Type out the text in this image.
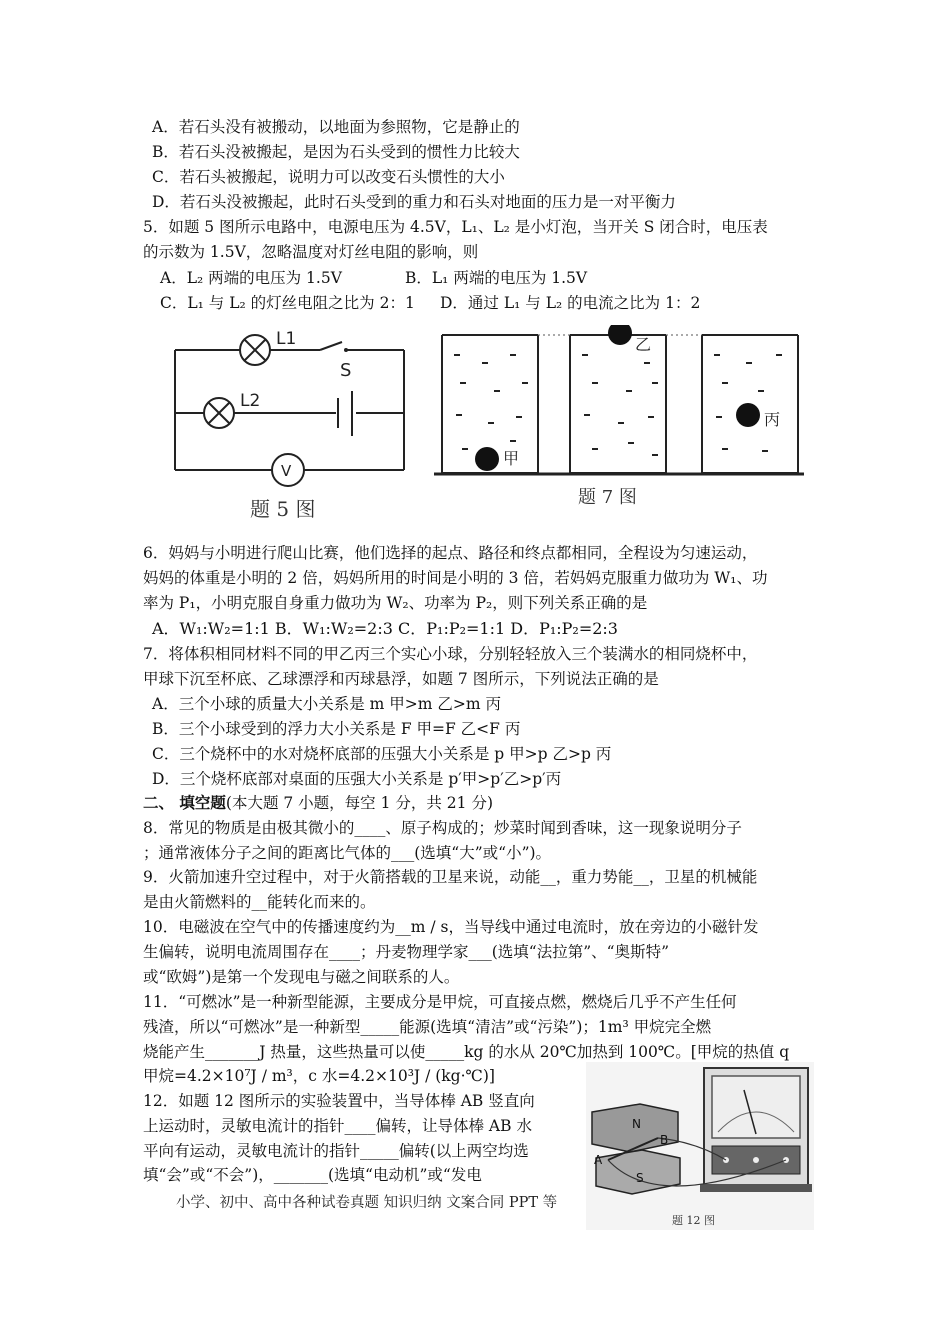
A．若石头没有被搬动，以地面为参照物，它是静止的
B．若石头没被搬起，是因为石头受到的惯性力比较大
C．若石头被搬起，说明力可以改变石头惯性的大小
D．若石头没被搬起，此时石头受到的重力和石头对地面的压力是一对平衡力
5．如题 5 图所示电路中，电源电压为 4.5V，L₁、L₂ 是小灯泡，当开关 S 闭合时，电压表
的示数为 1.5V，忽略温度对灯丝电阻的影响，则
A．L₂ 两端的电压为 1.5V	B．L₁ 两端的电压为 1.5V
C．L₁ 与 L₂ 的灯丝电阻之比为 2：1 D．通过 L₁ 与 L₂ 的电流之比为 1：2
L1
L2
S
V
题 5 图
甲
乙
丙
题 7 图
6．妈妈与小明进行爬山比赛，他们选择的起点、路径和终点都相同，全程设为匀速运动，
妈妈的体重是小明的 2 倍，妈妈所用的时间是小明的 3 倍，若妈妈克服重力做功为 W₁、功
率为 P₁，小明克服自身重力做功为 W₂、功率为 P₂，则下列关系正确的是
A．W₁:W₂=1:1 B．W₁:W₂=2:3 C．P₁:P₂=1:1 D．P₁:P₂=2:3
7．将体积相同材料不同的甲乙丙三个实心小球，分别轻轻放入三个装满水的相同烧杯中，
甲球下沉至杯底、乙球漂浮和丙球悬浮，如题 7 图所示，下列说法正确的是
A．三个小球的质量大小关系是 m 甲>m 乙>m 丙
B．三个小球受到的浮力大小关系是 F 甲=F 乙<F 丙
C．三个烧杯中的水对烧杯底部的压强大小关系是 p 甲>p 乙>p 丙
D．三个烧杯底部对桌面的压强大小关系是 p′甲>p′乙>p′丙
二、 填空题(本大题 7 小题，每空 1 分，共 21 分)
8．常见的物质是由极其微小的____、原子构成的；炒菜时闻到香味，这一现象说明分子
；通常液体分子之间的距离比气体的___(选填“大”或“小”)。
9．火箭加速升空过程中，对于火箭搭载的卫星来说，动能__，重力势能__，卫星的机械能
是由火箭燃料的__能转化而来的。
10．电磁波在空气中的传播速度约为__m / s，当导线中通过电流时，放在旁边的小磁针发
生偏转，说明电流周围存在____；丹麦物理学家___(选填“法拉第”、“奥斯特”
或“欧姆”)是第一个发现电与磁之间联系的人。
11．“可燃冰”是一种新型能源，主要成分是甲烷，可直接点燃，燃烧后几乎不产生任何
残渣，所以“可燃冰”是一种新型_____能源(选填“清洁”或“污染”)；1m³ 甲烷完全燃
烧能产生_______J 热量，这些热量可以使_____kg 的水从 20℃加热到 100℃。[甲烷的热值 q
甲烷=4.2×10⁷J / m³，c 水=4.2×10³J / (kg·℃)]
12．如题 12 图所示的实验装置中，当导体棒 AB 竖直向
上运动时，灵敏电流计的指针____偏转，让导体棒 AB 水
平向有运动，灵敏电流计的指针_____偏转(以上两空均选
填“会”或“不会”)，_______(选填“电动机”或“发电
小学、初中、高中各种试卷真题 知识归纳 文案合同 PPT 等
N
B
A
S
题 12 图
